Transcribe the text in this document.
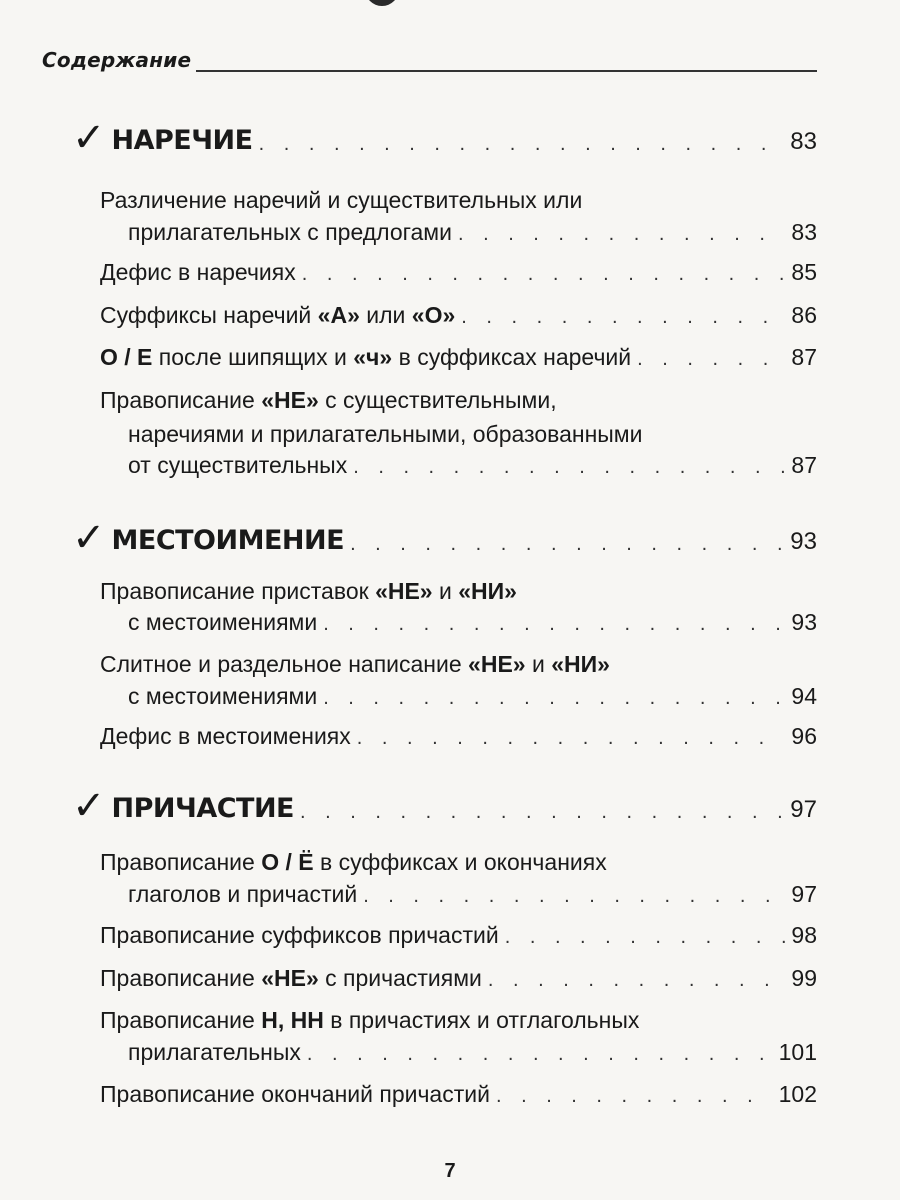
Содержание
✓ НАРЕЧИЕ . . .	83
Различение наречий и существительных или
прилагательных с предлогами . . .	83
Дефис в наречиях . . .	85
Суффиксы наречий «А» или «О» . . .	86
О / Е после шипящих и «ч» в суффиксах наречий . . .	87
Правописание «НЕ» с существительными,
наречиями и прилагательными, образованными
от существительных . . .	87
✓ МЕСТОИМЕНИЕ . . .	93
Правописание приставок «НЕ» и «НИ»
с местоимениями . . .	93
Слитное и раздельное написание «НЕ» и «НИ»
с местоимениями . . .	94
Дефис в местоимениях . . .	96
✓ ПРИЧАСТИЕ . . .	97
Правописание О / Ё в суффиксах и окончаниях
глаголов и причастий . . .	97
Правописание суффиксов причастий . . .	98
Правописание «НЕ» с причастиями . . .	99
Правописание Н, НН в причастиях и отглагольных
прилагательных . . .	101
Правописание окончаний причастий . . .	102
7
